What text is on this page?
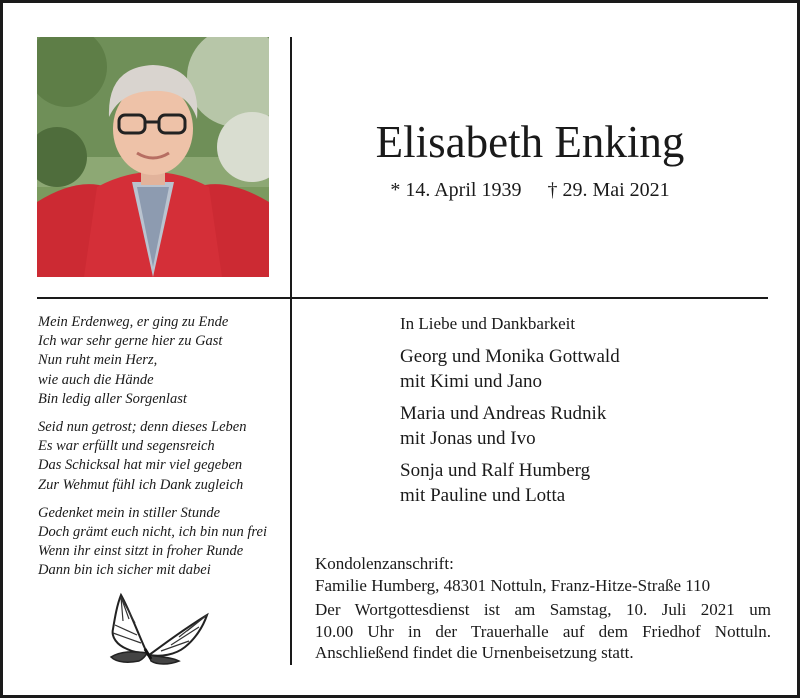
Elisabeth Enking
* 14. April 1939 † 29. Mai 2021
Mein Erdenweg, er ging zu Ende
Ich war sehr gerne hier zu Gast
Nun ruht mein Herz,
wie auch die Hände
Bin ledig aller Sorgenlast
Seid nun getrost; denn dieses Leben
Es war erfüllt und segensreich
Das Schicksal hat mir viel gegeben
Zur Wehmut fühl ich Dank zugleich
Gedenket mein in stiller Stunde
Doch grämt euch nicht, ich bin nun frei
Wenn ihr einst sitzt in froher Runde
Dann bin ich sicher mit dabei
In Liebe und Dankbarkeit
Georg und Monika Gottwald
mit Kimi und Jano
Maria und Andreas Rudnik
mit Jonas und Ivo
Sonja und Ralf Humberg
mit Pauline und Lotta
Kondolenzanschrift:
Familie Humberg, 48301 Nottuln, Franz-Hitze-Straße 110
Der Wortgottesdienst ist am Samstag, 10. Juli 2021 um
10.00 Uhr in der Trauerhalle auf dem Friedhof Nottuln.
Anschließend findet die Urnenbeisetzung statt.
